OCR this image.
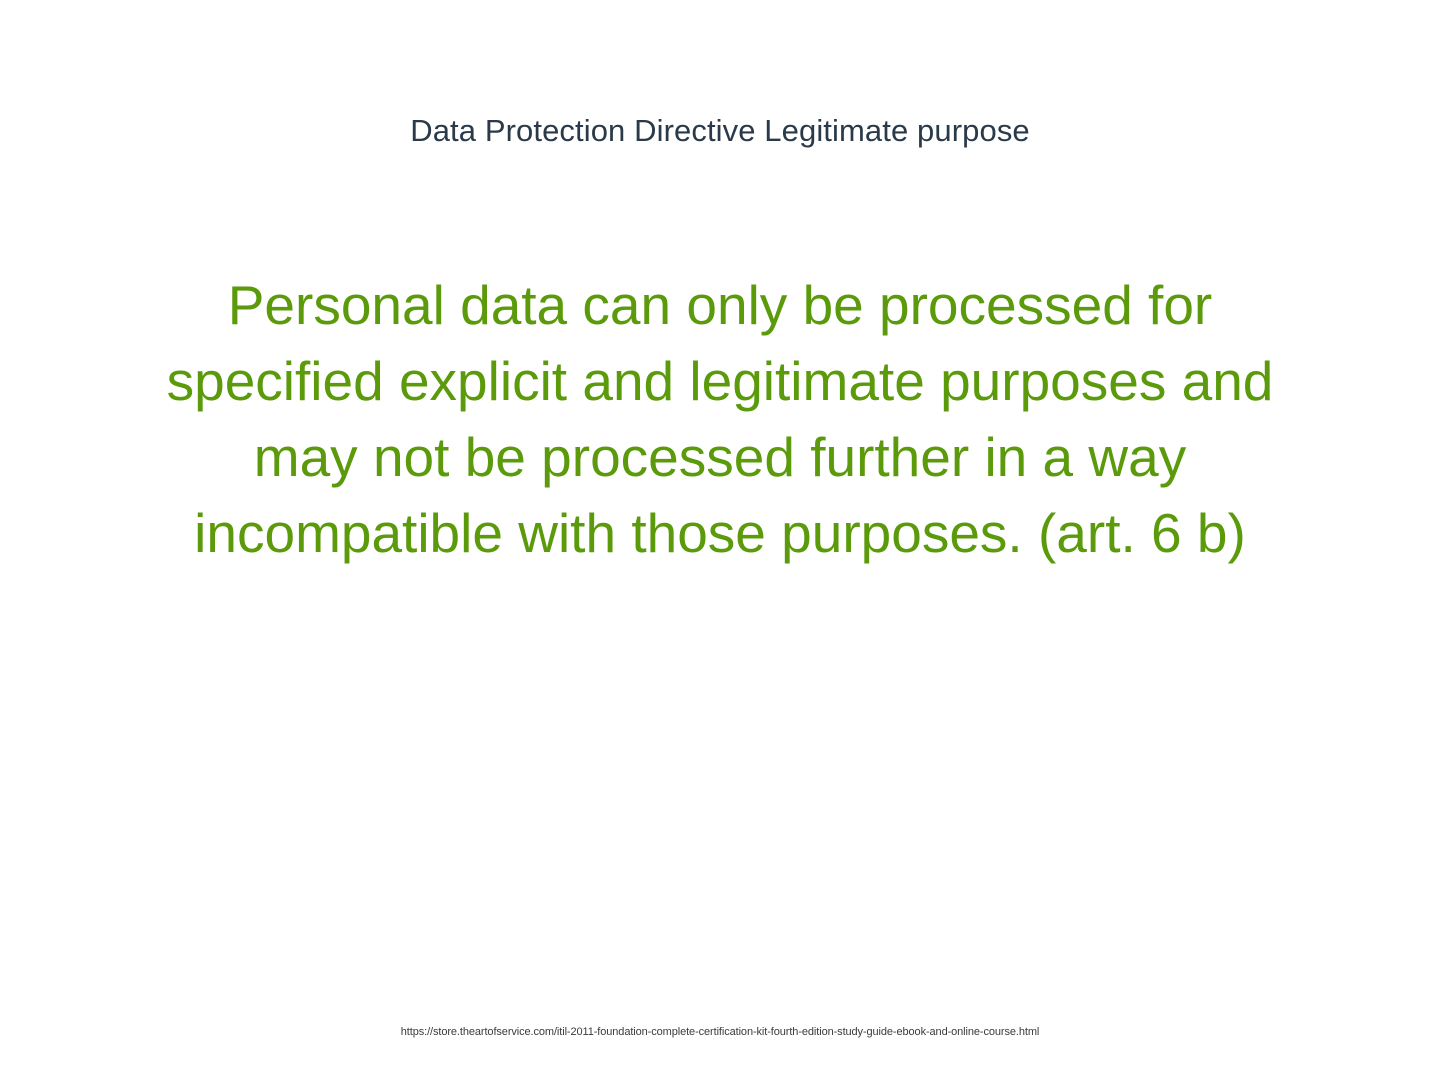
Data Protection Directive Legitimate purpose
Personal data can only be processed for specified explicit and legitimate purposes and may not be processed further in a way incompatible with those purposes. (art. 6 b)
https://store.theartofservice.com/itil-2011-foundation-complete-certification-kit-fourth-edition-study-guide-ebook-and-online-course.html
